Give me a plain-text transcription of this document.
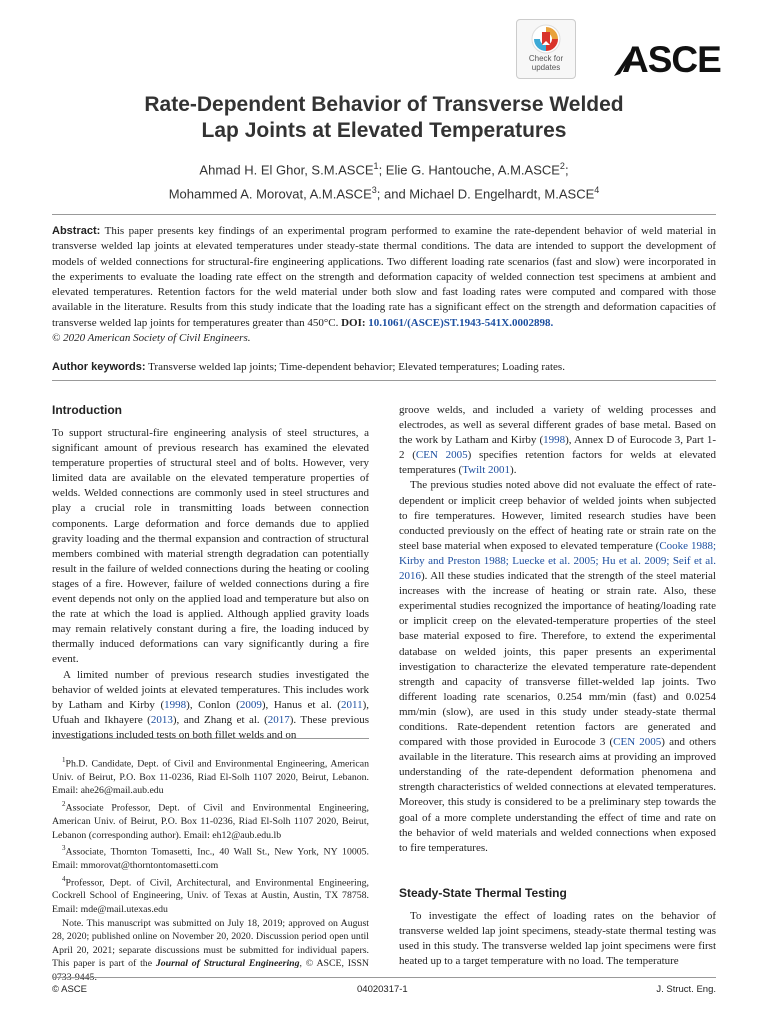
Check for
updates	ASCE
Rate-Dependent Behavior of Transverse Welded
Lap Joints at Elevated Temperatures
Ahmad H. El Ghor, S.M.ASCE$^1$; Elie G. Hantouche, A.M.ASCE$^2$;
Mohammed A. Morovat, A.M.ASCE$^3$; and Michael D. Engelhardt, M.ASCE$^4$
Abstract: This paper presents key findings of an experimental program performed to examine the rate-dependent behavior of weld material in transverse welded lap joints at elevated temperatures under steady-state thermal conditions. The data are intended to support the development of models of welded connections for structural-fire engineering applications. Two different loading rate scenarios (fast and slow) were incorporated in the experiments to evaluate the loading rate effect on the strength and deformation capacity of welded connection test specimens at ambient and elevated temperatures. Retention factors for the weld material under both slow and fast loading rates were computed and compared with those available in the literature. Results from this study indicate that the loading rate has a significant effect on the strength and deformation capacities of transverse welded lap joints for temperatures greater than 450°C. DOI: 10.1061/(ASCE)ST.1943-541X.0002898.
© 2020 American Society of Civil Engineers.
Author keywords: Transverse welded lap joints; Time-dependent behavior; Elevated temperatures; Loading rates.
Introduction

To support structural-fire engineering analysis of steel structures, a significant amount of previous research has examined the elevated temperature properties of structural steel and of bolts. However, very limited data are available on the elevated temperature properties of welds. Welded connections are commonly used in steel structures and play a crucial role in transmitting loads between connection components. Large deformation and force demands due to applied gravity loading and the thermal expansion and contraction of structural members combined with material strength degradation can potentially result in the failure of welded connections during the heating or cooling stages of a fire. However, failure of welded connections during a fire event depends not only on the applied load and temperature but also on the rate at which the load is applied. Although applied gravity loads may remain relatively constant during a fire, the loading induced by thermally induced deformations can vary significantly during a fire event.

A limited number of previous research studies investigated the behavior of welded joints at elevated temperatures. This includes work by Latham and Kirby (1998), Conlon (2009), Hanus et al. (2011), Ufuah and Ikhayere (2013), and Zhang et al. (2017). These previous investigations included tests on both fillet welds and on

$^1$Ph.D. Candidate, Dept. of Civil and Environmental Engineering, American Univ. of Beirut, P.O. Box 11-0236, Riad El-Solh 1107 2020, Beirut, Lebanon. Email: ahe26@mail.aub.edu

$^2$Associate Professor, Dept. of Civil and Environmental Engineering, American Univ. of Beirut, P.O. Box 11-0236, Riad El-Solh 1107 2020, Beirut, Lebanon (corresponding author). Email: eh12@aub.edu.lb

$^3$Associate, Thornton Tomasetti, Inc., 40 Wall St., New York, NY 10005. Email: mmorovat@thorntontomasetti.com

$^4$Professor, Dept. of Civil, Architectural, and Environmental Engineering, Cockrell School of Engineering, Univ. of Texas at Austin, Austin, TX 78758. Email: mde@mail.utexas.edu

Note. This manuscript was submitted on July 18, 2019; approved on August 28, 2020; published online on November 20, 2020. Discussion period open until April 20, 2021; separate discussions must be submitted for individual papers. This paper is part of the Journal of Structural Engineering, © ASCE, ISSN 0733-9445.

groove welds, and included a variety of welding processes and electrodes, as well as several different grades of base metal. Based on the work by Latham and Kirby (1998), Annex D of Eurocode 3, Part 1-2 (CEN 2005) specifies retention factors for welds at elevated temperatures (Twilt 2001).

The previous studies noted above did not evaluate the effect of rate-dependent or implicit creep behavior of welded joints when subjected to fire temperatures. However, limited research studies have been conducted previously on the effect of heating rate or strain rate on the steel base material when exposed to elevated temperature (Cooke 1988; Kirby and Preston 1988; Luecke et al. 2005; Hu et al. 2009; Seif et al. 2016). All these studies indicated that the strength of the steel material increases with the increase of heating or strain rate. Also, these experimental studies recognized the importance of heating/loading rate or implicit creep on the elevated-temperature properties of the steel base material exposed to fire. Therefore, to extend the experimental database on welded joints, this paper presents an experimental investigation to characterize the elevated temperature rate-dependent strength and capacity of transverse fillet-welded lap joints. Two different loading rate scenarios, 0.254 mm/min (fast) and 0.0254 mm/min (slow), are used in this study under steady-state thermal conditions. Rate-dependent retention factors are generated and compared with those provided in Eurocode 3 (CEN 2005) and others available in the literature. This research aims at providing an improved understanding of the rate-dependent deformation phenomena and strength characteristics of welded connections at elevated temperatures. Moreover, this study is considered to be a preliminary step towards the goal of a more complete understanding the effect of time and rate on the behavior of weld materials and welded connections when exposed to fire temperatures.

Steady-State Thermal Testing

To investigate the effect of loading rates on the behavior of transverse welded lap joint specimens, steady-state thermal testing was used in this study. The transverse welded lap joint specimens were first heated up to a target temperature with no load. The temperature

© ASCE	04020317-1	J. Struct. Eng.
